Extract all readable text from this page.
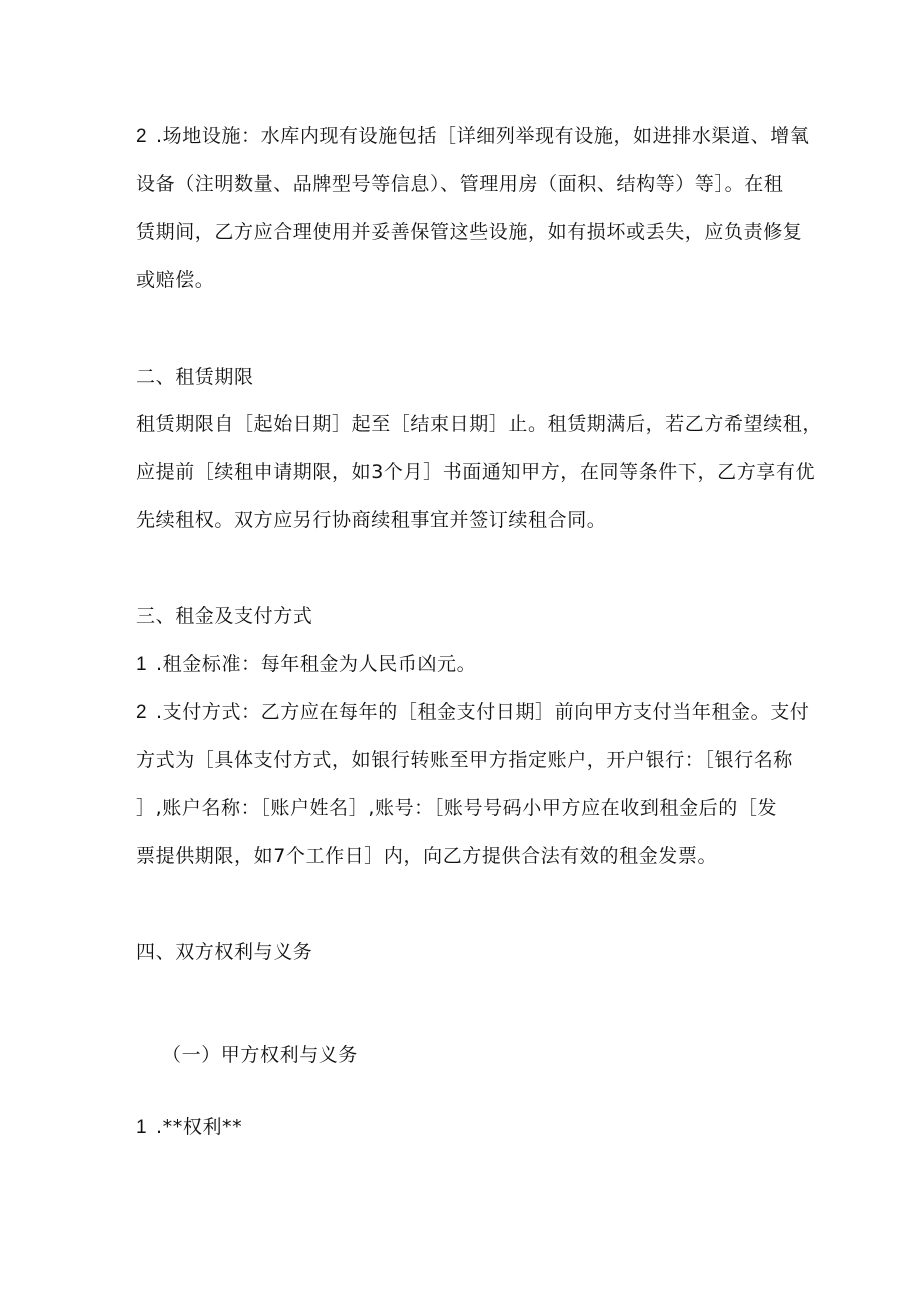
2 .场地设施：水库内现有设施包括［详细列举现有设施，如进排水渠道、增氧
设备（注明数量、品牌型号等信息）、管理用房（面积、结构等）等］。在租
赁期间，乙方应合理使用并妥善保管这些设施，如有损坏或丢失，应负责修复
或赔偿。
二、租赁期限
租赁期限自［起始日期］起至［结束日期］止。租赁期满后，若乙方希望续租，
应提前［续租申请期限，如3个月］书面通知甲方，在同等条件下，乙方享有优
先续租权。双方应另行协商续租事宜并签订续租合同。
三、租金及支付方式
1 .租金标准：每年租金为人民币凶元。
2 .支付方式：乙方应在每年的［租金支付日期］前向甲方支付当年租金。支付
方式为［具体支付方式，如银行转账至甲方指定账户，开户银行：［银行名称
］,账户名称：［账户姓名］,账号：［账号号码小甲方应在收到租金后的［发
票提供期限，如7个工作日］内，向乙方提供合法有效的租金发票。
四、双方权利与义务
（一）甲方权利与义务
1 .**权利**
